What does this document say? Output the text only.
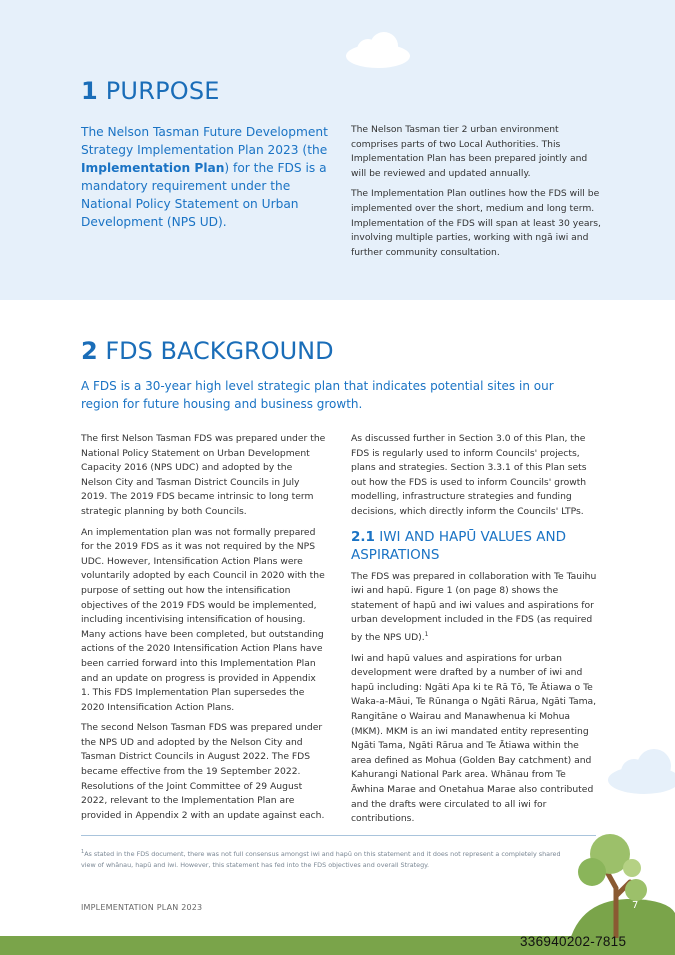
1 PURPOSE

The Nelson Tasman Future Development Strategy Implementation Plan 2023 (the Implementation Plan) for the FDS is a mandatory requirement under the National Policy Statement on Urban Development (NPS UD).

The Nelson Tasman tier 2 urban environment comprises parts of two Local Authorities. This Implementation Plan has been prepared jointly and will be reviewed and updated annually.

The Implementation Plan outlines how the FDS will be implemented over the short, medium and long term. Implementation of the FDS will span at least 30 years, involving multiple parties, working with ngā iwi and further community consultation.

2 FDS BACKGROUND

A FDS is a 30-year high level strategic plan that indicates potential sites in our region for future housing and business growth.

The first Nelson Tasman FDS was prepared under the National Policy Statement on Urban Development Capacity 2016 (NPS UDC) and adopted by the Nelson City and Tasman District Councils in July 2019. The 2019 FDS became intrinsic to long term strategic planning by both Councils.

An implementation plan was not formally prepared for the 2019 FDS as it was not required by the NPS UDC. However, Intensification Action Plans were voluntarily adopted by each Council in 2020 with the purpose of setting out how the intensification objectives of the 2019 FDS would be implemented, including incentivising intensification of housing. Many actions have been completed, but outstanding actions of the 2020 Intensification Action Plans have been carried forward into this Implementation Plan and an update on progress is provided in Appendix 1. This FDS Implementation Plan supersedes the 2020 Intensification Action Plans.

The second Nelson Tasman FDS was prepared under the NPS UD and adopted by the Nelson City and Tasman District Councils in August 2022. The FDS became effective from the 19 September 2022. Resolutions of the Joint Committee of 29 August 2022, relevant to the Implementation Plan are provided in Appendix 2 with an update against each.

As discussed further in Section 3.0 of this Plan, the FDS is regularly used to inform Councils' projects, plans and strategies. Section 3.3.1 of this Plan sets out how the FDS is used to inform Councils' growth modelling, infrastructure strategies and funding decisions, which directly inform the Councils' LTPs.

2.1 IWI AND HAPŪ VALUES AND ASPIRATIONS

The FDS was prepared in collaboration with Te Tauihu iwi and hapū. Figure 1 (on page 8) shows the statement of hapū and iwi values and aspirations for urban development included in the FDS (as required by the NPS UD).$^1$

Iwi and hapū values and aspirations for urban development were drafted by a number of iwi and hapū including: Ngāti Apa ki te Rā Tō, Te Ātiawa o Te Waka-a-Māui, Te Rūnanga o Ngāti Rārua, Ngāti Tama, Rangitāne o Wairau and Manawhenua ki Mohua (MKM). MKM is an iwi mandated entity representing Ngāti Tama, Ngāti Rārua and Te Ātiawa within the area defined as Mohua (Golden Bay catchment) and Kahurangi National Park area. Whānau from Te Āwhina Marae and Onetahua Marae also contributed and the drafts were circulated to all iwi for contributions.

$^1$As stated in the FDS document, there was not full consensus amongst iwi and hapū on this statement and it does not represent a completely shared view of whānau, hapū and iwi. However, this statement has fed into the FDS objectives and overall Strategy.

IMPLEMENTATION PLAN 2023	7
336940202-7815
